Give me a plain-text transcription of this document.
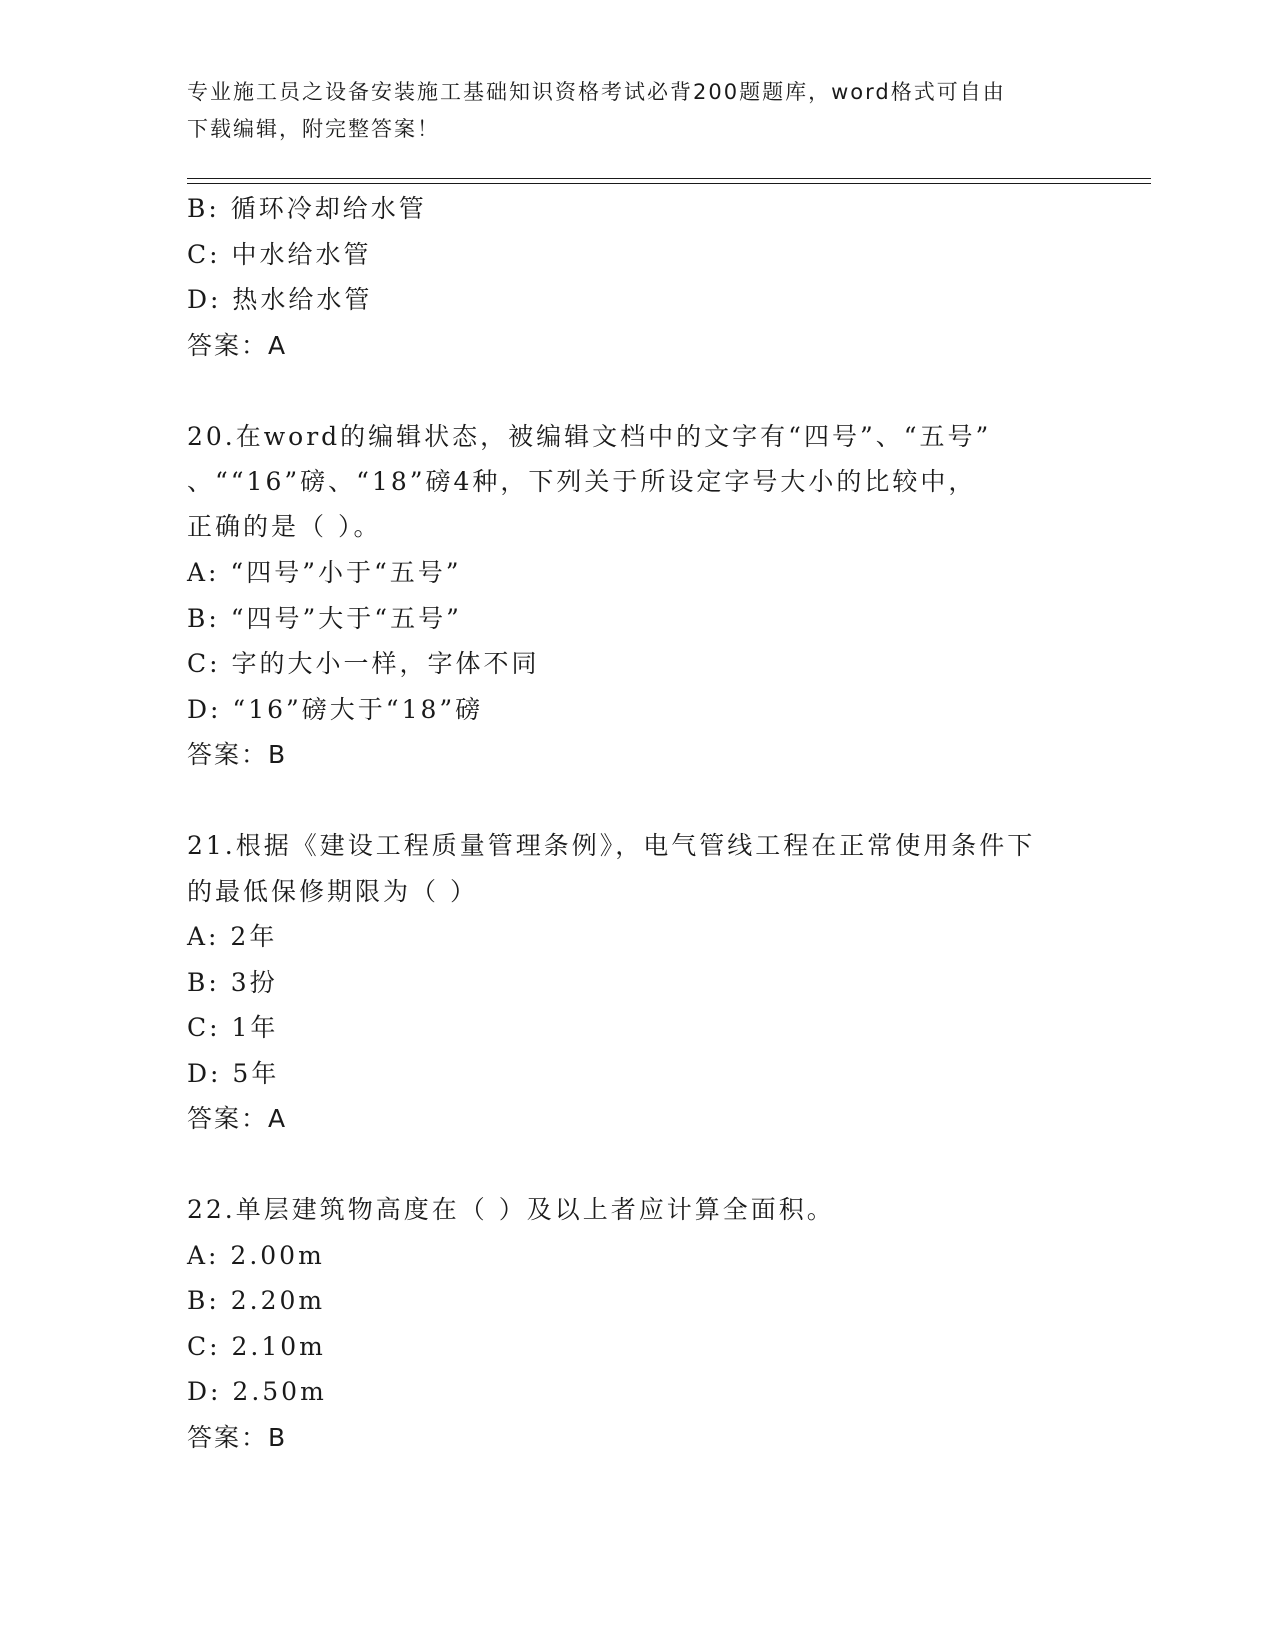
专业施工员之设备安装施工基础知识资格考试必背200题题库，word格式可自由
下载编辑，附完整答案！
B: 循环冷却给水管
C: 中水给水管
D: 热水给水管
答案：A
20.在word的编辑状态，被编辑文档中的文字有“四号”、“五号”
、““16”磅、“18”磅4种，下列关于所设定字号大小的比较中，
正确的是（ ）。
A: “四号”小于“五号”
B: “四号”大于“五号”
C: 字的大小一样，字体不同
D: “16”磅大于“18”磅
答案：B
21.根据《建设工程质量管理条例》，电气管线工程在正常使用条件下
的最低保修期限为（ ）
A: 2年
B: 3扮
C: 1年
D: 5年
答案：A
22.单层建筑物高度在（ ）及以上者应计算全面积。
A: 2.00m
B: 2.20m
C: 2.10m
D: 2.50m
答案：B
